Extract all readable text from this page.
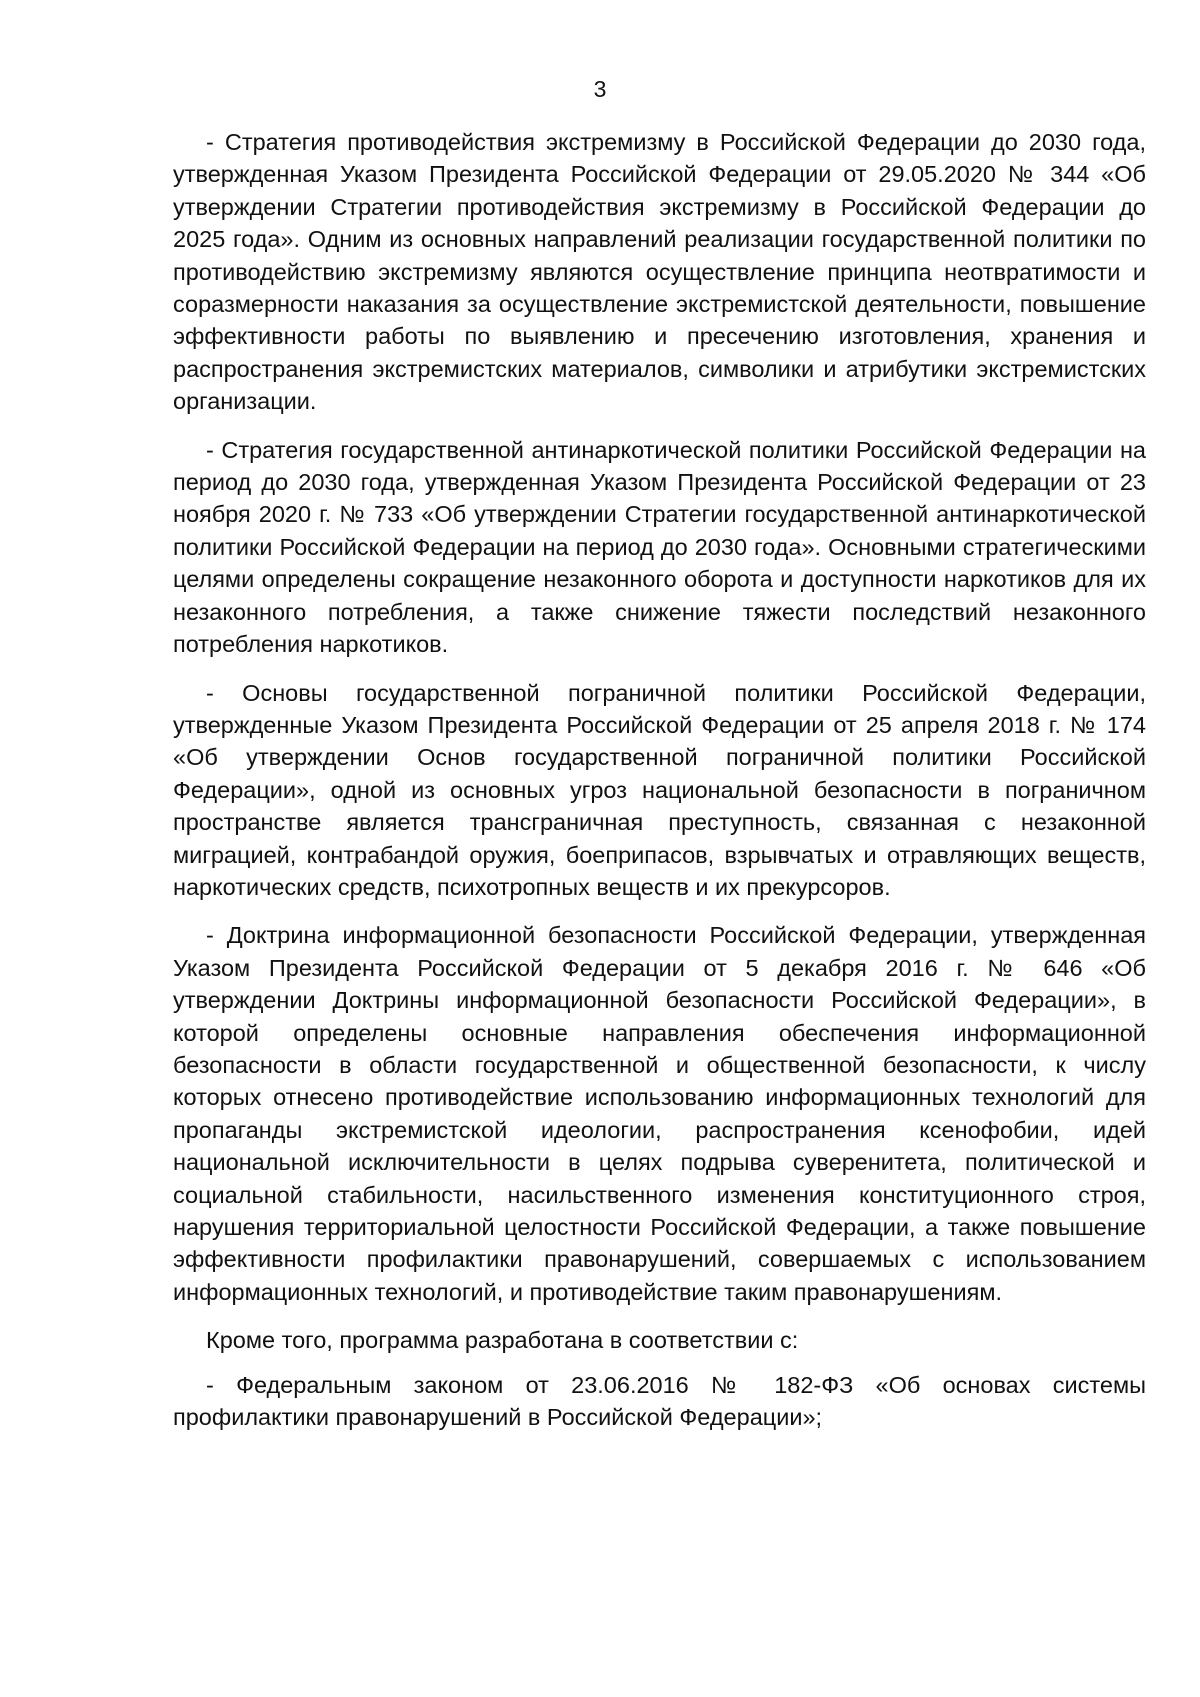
3

- Стратегия противодействия экстремизму в Российской Федерации до 2030 года, утвержденная Указом Президента Российской Федерации от 29.05.2020 № 344 «Об утверждении Стратегии противодействия экстремизму в Российской Федерации до 2025 года». Одним из основных направлений реализации государственной политики по противодействию экстремизму являются осуществление принципа неотвратимости и соразмерности наказания за осуществление экстремистской деятельности, повышение эффективности работы по выявлению и пресечению изготовления, хранения и распространения экстремистских материалов, символики и атрибутики экстремистских организации.

- Стратегия государственной антинаркотической политики Российской Федерации на период до 2030 года, утвержденная Указом Президента Российской Федерации от 23 ноября 2020 г. № 733 «Об утверждении Стратегии государственной антинаркотической политики Российской Федерации на период до 2030 года». Основными стратегическими целями определены сокращение незаконного оборота и доступности наркотиков для их незаконного потребления, а также снижение тяжести последствий незаконного потребления наркотиков.

- Основы государственной пограничной политики Российской Федерации, утвержденные Указом Президента Российской Федерации от 25 апреля 2018 г. № 174 «Об утверждении Основ государственной пограничной политики Российской Федерации», одной из основных угроз национальной безопасности в пограничном пространстве является трансграничная преступность, связанная с незаконной миграцией, контрабандой оружия, боеприпасов, взрывчатых и отравляющих веществ, наркотических средств, психотропных веществ и их прекурсоров.

- Доктрина информационной безопасности Российской Федерации, утвержденная Указом Президента Российской Федерации от 5 декабря 2016 г. № 646 «Об утверждении Доктрины информационной безопасности Российской Федерации», в которой определены основные направления обеспечения информационной безопасности в области государственной и общественной безопасности, к числу которых отнесено противодействие использованию информационных технологий для пропаганды экстремистской идеологии, распространения ксенофобии, идей национальной исключительности в целях подрыва суверенитета, политической и социальной стабильности, насильственного изменения конституционного строя, нарушения территориальной целостности Российской Федерации, а также повышение эффективности профилактики правонарушений, совершаемых с использованием информационных технологий, и противодействие таким правонарушениям.

Кроме того, программа разработана в соответствии с:

- Федеральным законом от 23.06.2016 № 182-ФЗ «Об основах системы профилактики правонарушений в Российской Федерации»;
